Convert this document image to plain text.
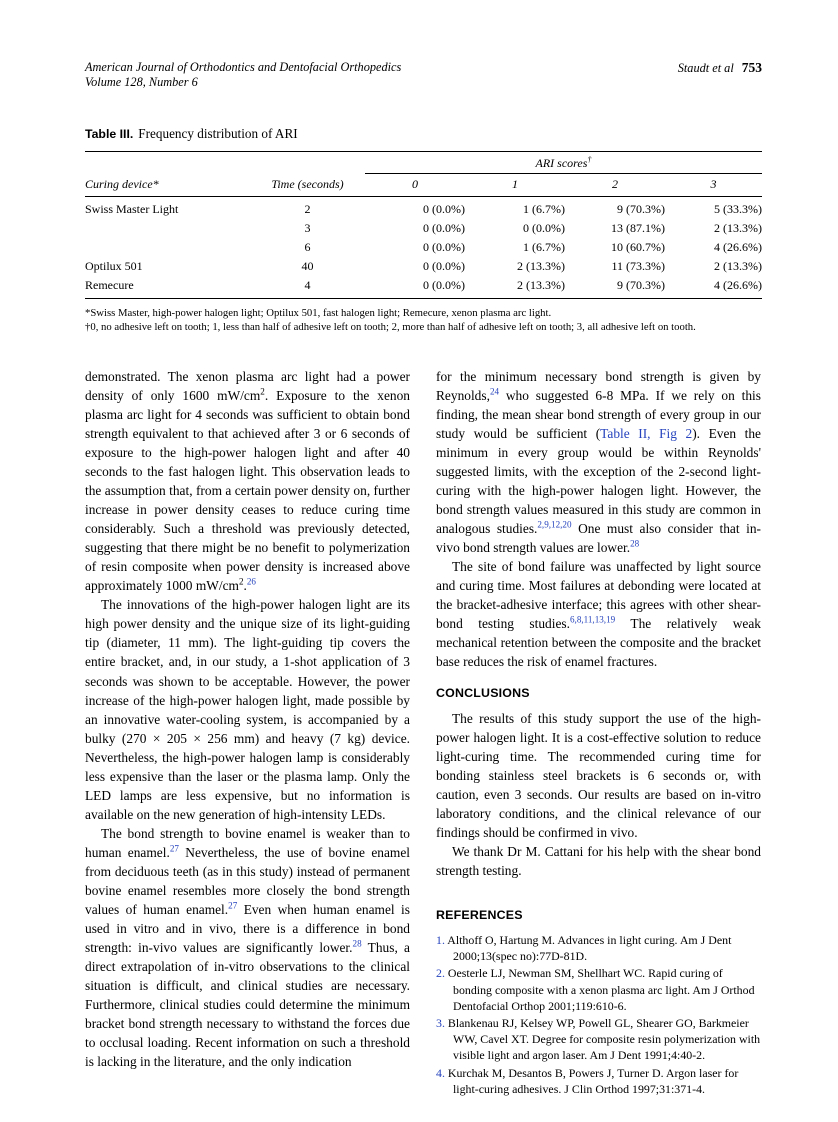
American Journal of Orthodontics and Dentofacial Orthopedics
Volume 128, Number 6
Staudt et al 753
Table III. Frequency distribution of ARI
		ARI scores†
Curing device*	Time (seconds)	0	1	2	3
Swiss Master Light	2	0 (0.0%)	1 (6.7%)	9 (70.3%)	5 (33.3%)
	3	0 (0.0%)	0 (0.0%)	13 (87.1%)	2 (13.3%)
	6	0 (0.0%)	1 (6.7%)	10 (60.7%)	4 (26.6%)
Optilux 501	40	0 (0.0%)	2 (13.3%)	11 (73.3%)	2 (13.3%)
Remecure	4	0 (0.0%)	2 (13.3%)	9 (70.3%)	4 (26.6%)
*Swiss Master, high-power halogen light; Optilux 501, fast halogen light; Remecure, xenon plasma arc light.
†0, no adhesive left on tooth; 1, less than half of adhesive left on tooth; 2, more than half of adhesive left on tooth; 3, all adhesive left on tooth.

demonstrated. The xenon plasma arc light had a power density of only 1600 $mW/cm^2$. Exposure to the xenon plasma arc light for 4 seconds was sufficient to obtain bond strength equivalent to that achieved after 3 or 6 seconds of exposure to the high-power halogen light and after 40 seconds to the fast halogen light. This observation leads to the assumption that, from a certain power density on, further increase in power density ceases to reduce curing time considerably. Such a threshold was previously detected, suggesting that there might be no benefit to polymerization of resin composite when power density is increased above approximately 1000 $mW/cm^2.^{26}$

The innovations of the high-power halogen light are its high power density and the unique size of its light-guiding tip (diameter, 11 mm). The light-guiding tip covers the entire bracket, and, in our study, a 1-shot application of 3 seconds was shown to be acceptable. However, the power increase of the high-power halogen light, made possible by an innovative water-cooling system, is accompanied by a bulky (270 × 205 × 256 mm) and heavy (7 kg) device. Nevertheless, the high-power halogen lamp is considerably less expensive than the laser or the plasma lamp. Only the LED lamps are less expensive, but no information is available on the new generation of high-intensity LEDs.

The bond strength to bovine enamel is weaker than to human enamel.$^{27}$ Nevertheless, the use of bovine enamel from deciduous teeth (as in this study) instead of permanent bovine enamel resembles more closely the bond strength values of human enamel.$^{27}$ Even when human enamel is used in vitro and in vivo, there is a difference in bond strength: in-vivo values are significantly lower.$^{28}$ Thus, a direct extrapolation of in-vitro observations to the clinical situation is difficult, and clinical studies are necessary. Furthermore, clinical studies could determine the minimum bracket bond strength necessary to withstand the forces due to occlusal loading. Recent information on such a threshold is lacking in the literature, and the only indication

for the minimum necessary bond strength is given by Reynolds,$^{24}$ who suggested 6-8 MPa. If we rely on this finding, the mean shear bond strength of every group in our study would be sufficient (Table II, Fig 2). Even the minimum in every group would be within Reynolds' suggested limits, with the exception of the 2-second light-curing with the high-power halogen light. However, the bond strength values measured in this study are common in analogous studies.$^{2,9,12,20}$ One must also consider that in-vivo bond strength values are lower.$^{28}$

The site of bond failure was unaffected by light source and curing time. Most failures at debonding were located at the bracket-adhesive interface; this agrees with other shear-bond testing studies.$^{6,8,11,13,19}$ The relatively weak mechanical retention between the composite and the bracket base reduces the risk of enamel fractures.

CONCLUSIONS

The results of this study support the use of the high-power halogen light. It is a cost-effective solution to reduce light-curing time. The recommended curing time for bonding stainless steel brackets is 6 seconds or, with caution, even 3 seconds. Our results are based on in-vitro laboratory conditions, and the clinical relevance of our findings should be confirmed in vivo.

We thank Dr M. Cattani for his help with the shear bond strength testing.

REFERENCES
1. Althoff O, Hartung M. Advances in light curing. Am J Dent 2000;13(spec no):77D-81D.
2. Oesterle LJ, Newman SM, Shellhart WC. Rapid curing of bonding composite with a xenon plasma arc light. Am J Orthod Dentofacial Orthop 2001;119:610-6.
3. Blankenau RJ, Kelsey WP, Powell GL, Shearer GO, Barkmeier WW, Cavel XT. Degree for composite resin polymerization with visible light and argon laser. Am J Dent 1991;4:40-2.
4. Kurchak M, Desantos B, Powers J, Turner D. Argon laser for light-curing adhesives. J Clin Orthod 1997;31:371-4.
